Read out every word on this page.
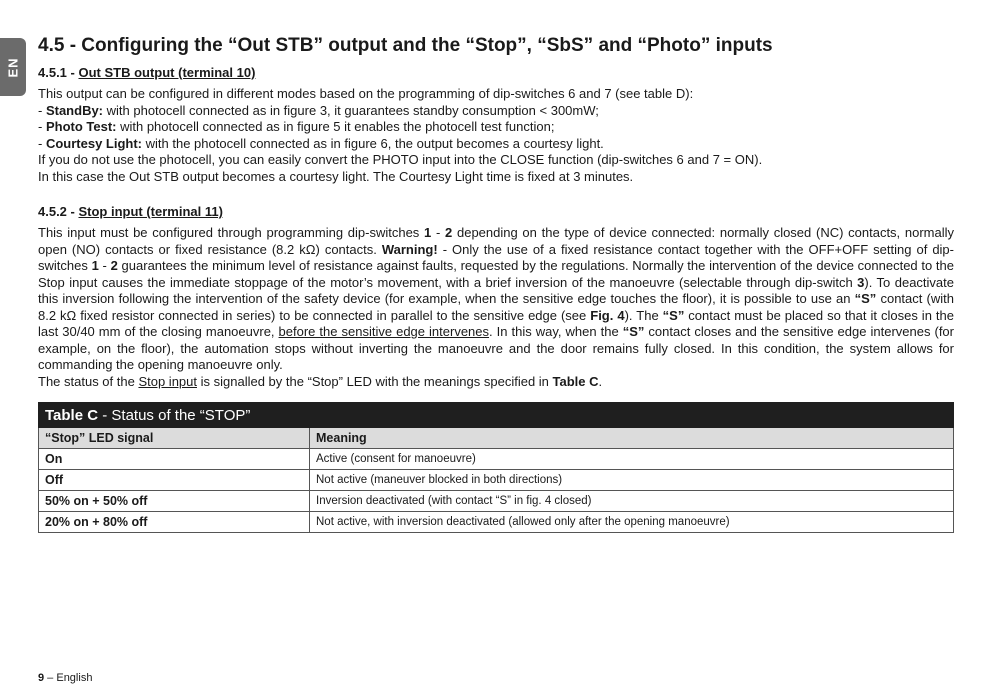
EN
4.5 - Configuring the “Out STB” output and the “Stop”, “SbS” and “Photo” inputs
4.5.1 - Out STB output (terminal 10)

This output can be configured in different modes based on the programming of dip-switches 6 and 7 (see table D):

- StandBy: with photocell connected as in figure 3, it guarantees standby consumption < 300mW;

- Photo Test: with photocell connected as in figure 5 it enables the photocell test function;

- Courtesy Light: with the photocell connected as in figure 6, the output becomes a courtesy light.

If you do not use the photocell, you can easily convert the PHOTO input into the CLOSE function (dip-switches 6 and 7 = ON).

In this case the Out STB output becomes a courtesy light. The Courtesy Light time is fixed at 3 minutes.

4.5.2 - Stop input (terminal 11)

This input must be configured through programming dip-switches 1 - 2 depending on the type of device connected: normally closed (NC) contacts, normally open (NO) contacts or fixed resistance (8.2 kΩ) contacts. Warning! - Only the use of a fixed resistance contact together with the OFF+OFF setting of dip-switches 1 - 2 guarantees the minimum level of resistance against faults, requested by the regulations. Normally the intervention of the device connected to the Stop input causes the immediate stoppage of the motor’s movement, with a brief inversion of the manoeuvre (selectable through dip-switch 3). To deactivate this inversion following the intervention of the safety device (for example, when the sensitive edge touches the floor), it is possible to use an “S” contact (with 8.2 kΩ fixed resistor connected in series) to be connected in parallel to the sensitive edge (see Fig. 4). The “S” contact must be placed so that it closes in the last 30/40 mm of the closing manoeuvre, before the sensitive edge intervenes. In this way, when the “S” contact closes and the sensitive edge intervenes (for example, on the floor), the automation stops without inverting the manoeuvre and the door remains fully closed. In this condition, the system allows for commanding the opening manoeuvre only.

The status of the Stop input is signalled by the “Stop” LED with the meanings specified in Table C.

Table C - Status of the “STOP”	
“Stop” LED signal	Meaning
On	Active (consent for manoeuvre)
Off	Not active (maneuver blocked in both directions)
50% on + 50% off	Inversion deactivated (with contact “S” in fig. 4 closed)
20% on + 80% off	Not active, with inversion deactivated (allowed only after the opening manoeuvre)
9 – English
